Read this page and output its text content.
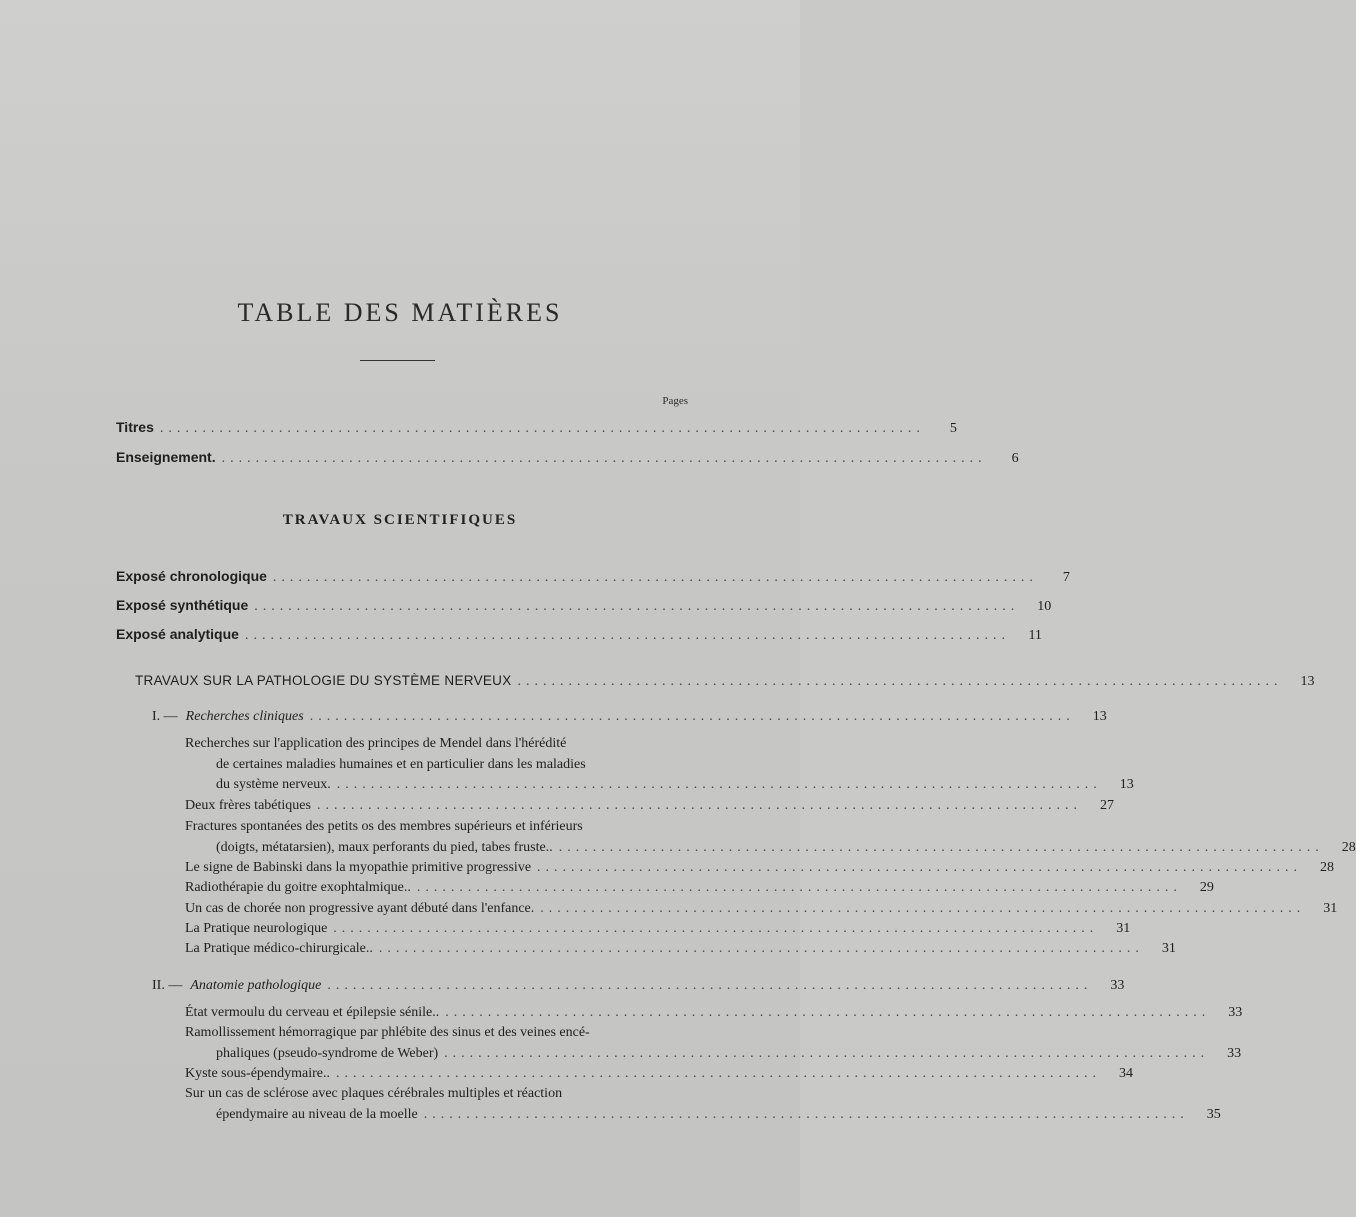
TABLE DES MATIÈRES
Pages
Titres ..........................................................................................	5
Enseignement. ..........................................................................................	6
TRAVAUX SCIENTIFIQUES
Exposé chronologique ..........................................................................................	7
Exposé synthétique ..........................................................................................	10
Exposé analytique ..........................................................................................	11
TRAVAUX SUR LA PATHOLOGIE DU SYSTÈME NERVEUX ..........................................................................................	13
I. — Recherches cliniques ..........................................................................................	13
Recherches sur l'application des principes de Mendel dans l'hérédité
de certaines maladies humaines et en particulier dans les maladies
du système nerveux. ..........................................................................................	13
Deux frères tabétiques ..........................................................................................	27
Fractures spontanées des petits os des membres supérieurs et inférieurs
(doigts, métatarsien), maux perforants du pied, tabes fruste.. ..........................................................................................	28
Le signe de Babinski dans la myopathie primitive progressive ..........................................................................................	28
Radiothérapie du goitre exophtalmique.. ..........................................................................................	29
Un cas de chorée non progressive ayant débuté dans l'enfance. ..........................................................................................	31
La Pratique neurologique ..........................................................................................	31
La Pratique médico-chirurgicale.. ..........................................................................................	31
II. — Anatomie pathologique ..........................................................................................	33
État vermoulu du cerveau et épilepsie sénile.. ..........................................................................................	33
Ramollissement hémorragique par phlébite des sinus et des veines encé-
phaliques (pseudo-syndrome de Weber) ..........................................................................................	33
Kyste sous-épendymaire.. ..........................................................................................	34
Sur un cas de sclérose avec plaques cérébrales multiples et réaction
épendymaire au niveau de la moelle ..........................................................................................	35
